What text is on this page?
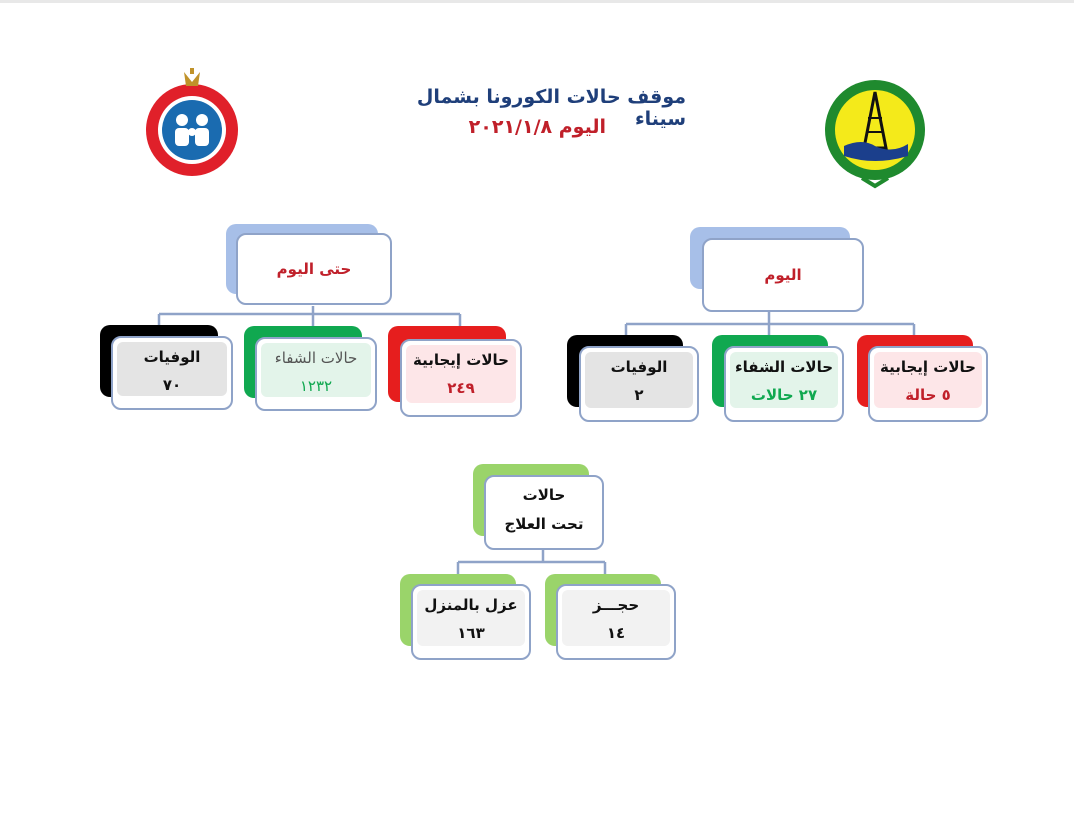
موقف حالات الكورونا بشمال سيناء
اليوم ٢٠٢١/١/٨
اليوم
حالات إيجابية
٥ حالة
حالات الشفاء
٢٧ حالات
الوفيات
٢
حتى اليوم
حالات إيجابية
٢٤٩
حالات الشفاء
١٢٣٢
الوفيات
٧٠
حالات
تحت العلاج
حجـــز
١٤
عزل بالمنزل
١٦٣
